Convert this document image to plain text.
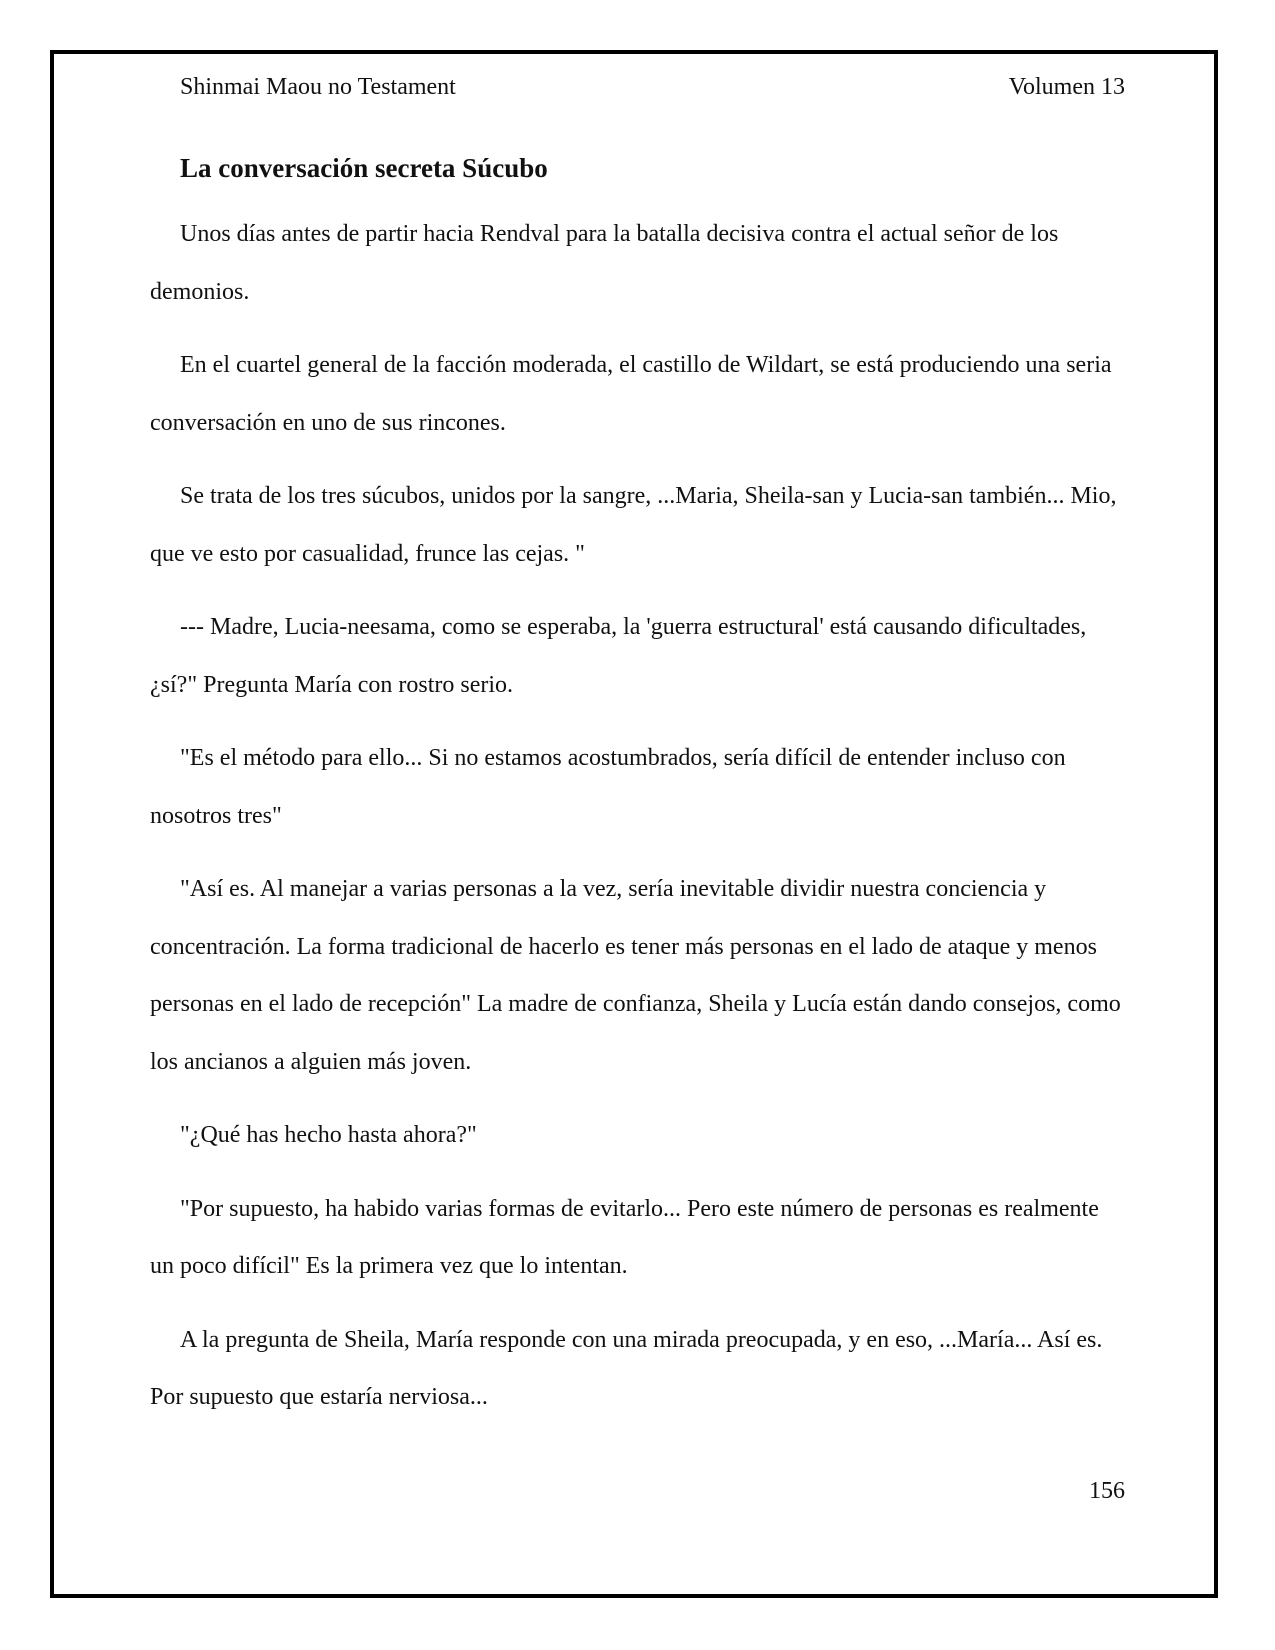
Shinmai Maou no Testament	Volumen 13
La conversación secreta Súcubo

Unos días antes de partir hacia Rendval para la batalla decisiva contra el actual señor de los demonios.

En el cuartel general de la facción moderada, el castillo de Wildart, se está produciendo una seria conversación en uno de sus rincones.

Se trata de los tres súcubos, unidos por la sangre, ...Maria, Sheila-san y Lucia-san también... Mio, que ve esto por casualidad, frunce las cejas. "

--- Madre, Lucia-neesama, como se esperaba, la 'guerra estructural' está causando dificultades, ¿sí?" Pregunta María con rostro serio.

"Es el método para ello... Si no estamos acostumbrados, sería difícil de entender incluso con nosotros tres"

"Así es. Al manejar a varias personas a la vez, sería inevitable dividir nuestra conciencia y concentración. La forma tradicional de hacerlo es tener más personas en el lado de ataque y menos personas en el lado de recepción" La madre de confianza, Sheila y Lucía están dando consejos, como los ancianos a alguien más joven.

"¿Qué has hecho hasta ahora?"

"Por supuesto, ha habido varias formas de evitarlo... Pero este número de personas es realmente un poco difícil" Es la primera vez que lo intentan.

A la pregunta de Sheila, María responde con una mirada preocupada, y en eso, ...María... Así es. Por supuesto que estaría nerviosa...

156
